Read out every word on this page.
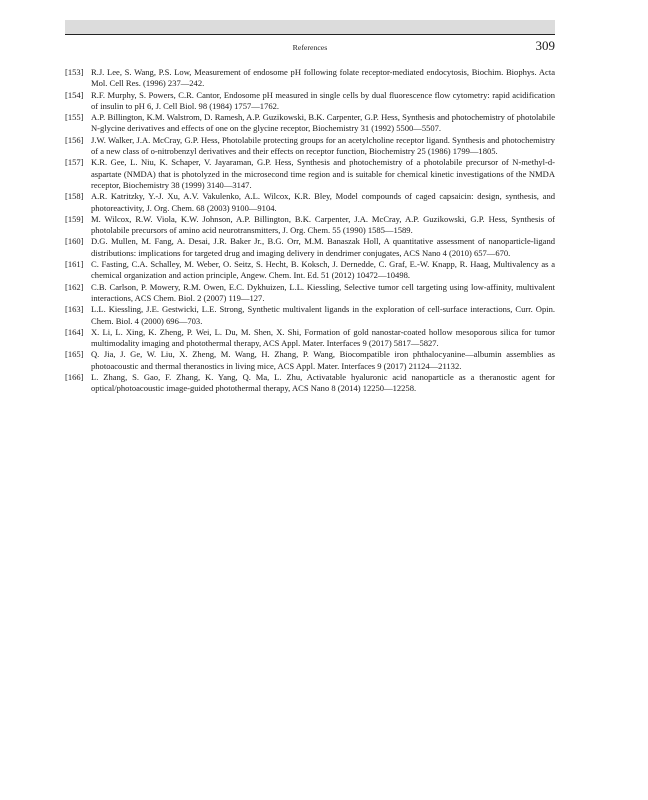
References	309
[153] R.J. Lee, S. Wang, P.S. Low, Measurement of endosome pH following folate receptor-mediated endocytosis, Biochim. Biophys. Acta Mol. Cell Res. (1996) 237—242.
[154] R.F. Murphy, S. Powers, C.R. Cantor, Endosome pH measured in single cells by dual fluorescence flow cytometry: rapid acidification of insulin to pH 6, J. Cell Biol. 98 (1984) 1757—1762.
[155] A.P. Billington, K.M. Walstrom, D. Ramesh, A.P. Guzikowski, B.K. Carpenter, G.P. Hess, Synthesis and photochemistry of photolabile N-glycine derivatives and effects of one on the glycine receptor, Biochemistry 31 (1992) 5500—5507.
[156] J.W. Walker, J.A. McCray, G.P. Hess, Photolabile protecting groups for an acetylcholine receptor ligand. Synthesis and photochemistry of a new class of o-nitrobenzyl derivatives and their effects on receptor function, Biochemistry 25 (1986) 1799—1805.
[157] K.R. Gee, L. Niu, K. Schaper, V. Jayaraman, G.P. Hess, Synthesis and photochemistry of a photolabile precursor of N-methyl-d-aspartate (NMDA) that is photolyzed in the microsecond time region and is suitable for chemical kinetic investigations of the NMDA receptor, Biochemistry 38 (1999) 3140—3147.
[158] A.R. Katritzky, Y.-J. Xu, A.V. Vakulenko, A.L. Wilcox, K.R. Bley, Model compounds of caged capsaicin: design, synthesis, and photoreactivity, J. Org. Chem. 68 (2003) 9100—9104.
[159] M. Wilcox, R.W. Viola, K.W. Johnson, A.P. Billington, B.K. Carpenter, J.A. McCray, A.P. Guzikowski, G.P. Hess, Synthesis of photolabile precursors of amino acid neurotransmitters, J. Org. Chem. 55 (1990) 1585—1589.
[160] D.G. Mullen, M. Fang, A. Desai, J.R. Baker Jr., B.G. Orr, M.M. Banaszak Holl, A quantitative assessment of nanoparticle-ligand distributions: implications for targeted drug and imaging delivery in dendrimer conjugates, ACS Nano 4 (2010) 657—670.
[161] C. Fasting, C.A. Schalley, M. Weber, O. Seitz, S. Hecht, B. Koksch, J. Dernedde, C. Graf, E.-W. Knapp, R. Haag, Multivalency as a chemical organization and action principle, Angew. Chem. Int. Ed. 51 (2012) 10472—10498.
[162] C.B. Carlson, P. Mowery, R.M. Owen, E.C. Dykhuizen, L.L. Kiessling, Selective tumor cell targeting using low-affinity, multivalent interactions, ACS Chem. Biol. 2 (2007) 119—127.
[163] L.L. Kiessling, J.E. Gestwicki, L.E. Strong, Synthetic multivalent ligands in the exploration of cell-surface interactions, Curr. Opin. Chem. Biol. 4 (2000) 696—703.
[164] X. Li, L. Xing, K. Zheng, P. Wei, L. Du, M. Shen, X. Shi, Formation of gold nanostar-coated hollow mesoporous silica for tumor multimodality imaging and photothermal therapy, ACS Appl. Mater. Interfaces 9 (2017) 5817—5827.
[165] Q. Jia, J. Ge, W. Liu, X. Zheng, M. Wang, H. Zhang, P. Wang, Biocompatible iron phthalocyanine—albumin assemblies as photoacoustic and thermal theranostics in living mice, ACS Appl. Mater. Interfaces 9 (2017) 21124—21132.
[166] L. Zhang, S. Gao, F. Zhang, K. Yang, Q. Ma, L. Zhu, Activatable hyaluronic acid nanoparticle as a theranostic agent for optical/photoacoustic image-guided photothermal therapy, ACS Nano 8 (2014) 12250—12258.
